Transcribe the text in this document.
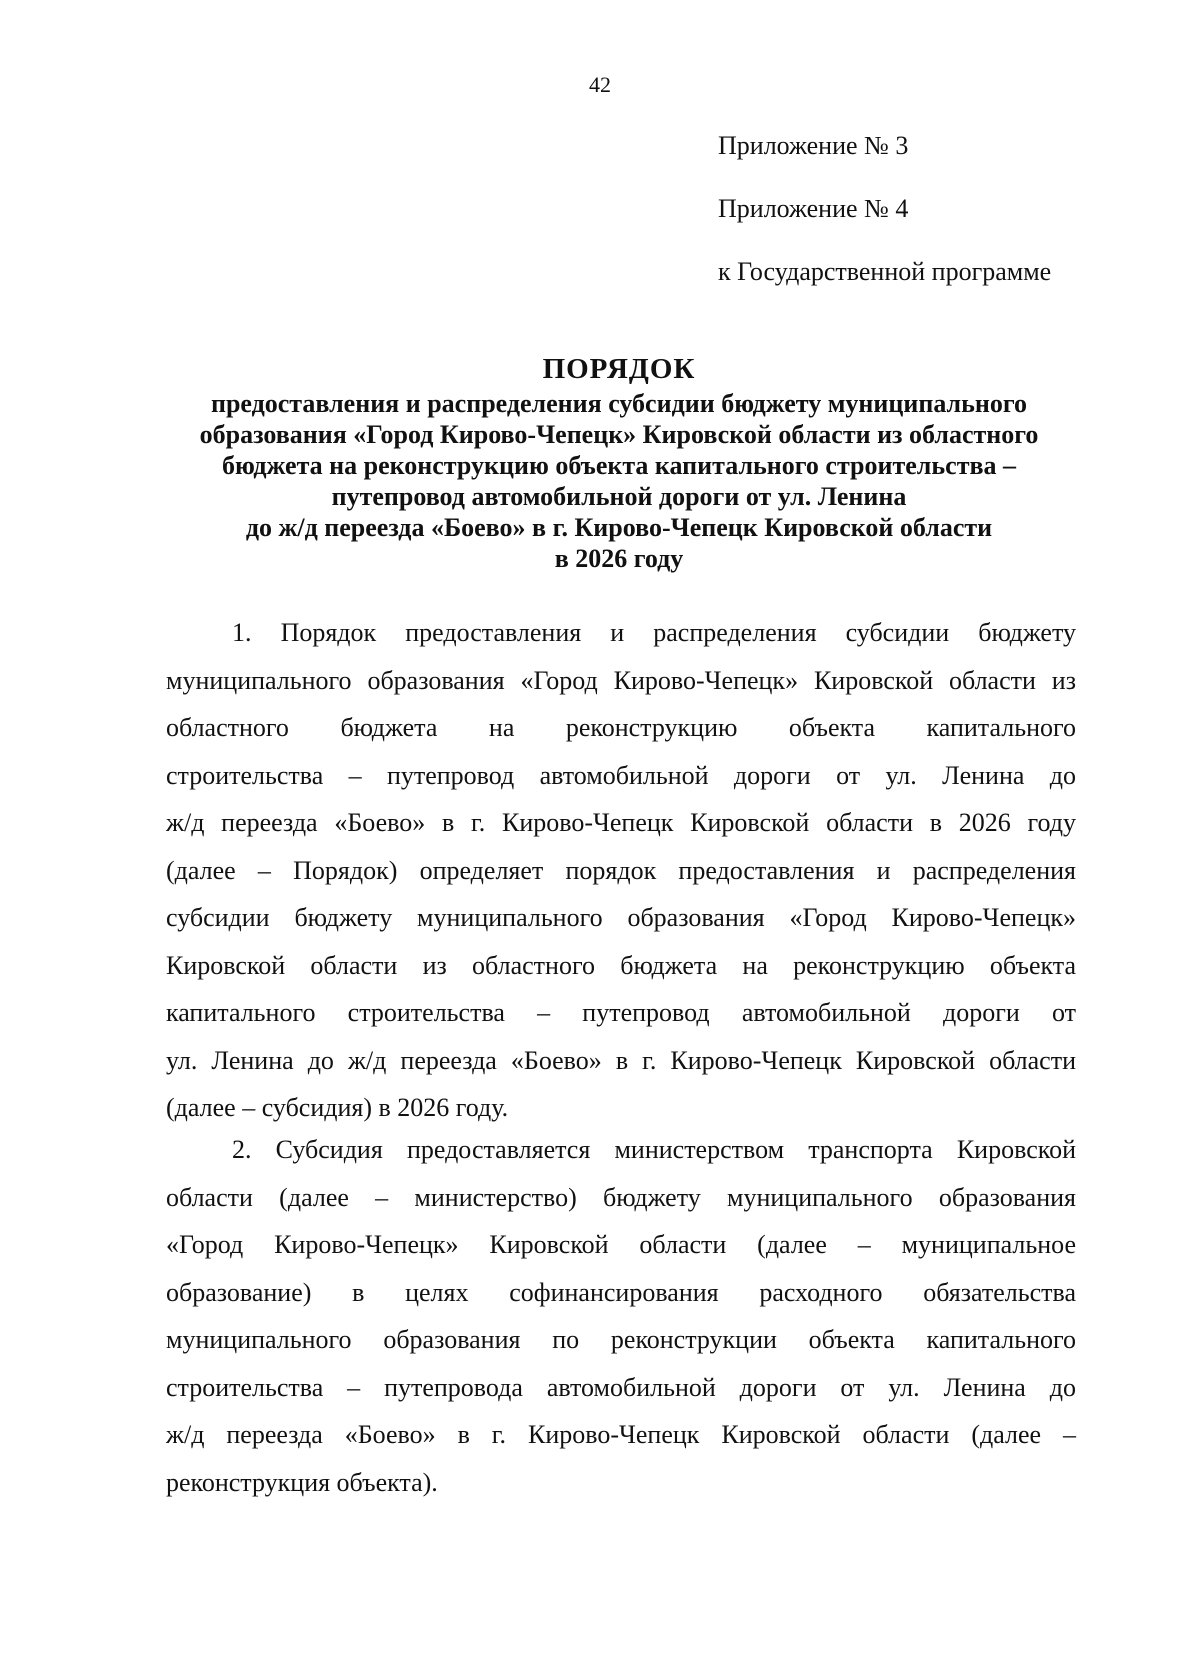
42
Приложение № 3
Приложение № 4
к Государственной программе
ПОРЯДОК
предоставления и распределения субсидии бюджету муниципального
образования «Город Кирово-Чепецк» Кировской области из областного
бюджета на реконструкцию объекта капитального строительства –
путепровод автомобильной дороги от ул. Ленина
до ж/д переезда «Боево» в г. Кирово-Чепецк Кировской области
в 2026 году
1. Порядок предоставления и распределения субсидии бюджету
муниципального образования «Город Кирово-Чепецк» Кировской области из
областного бюджета на реконструкцию объекта капитального
строительства – путепровод автомобильной дороги от ул. Ленина до
ж/д переезда «Боево» в г. Кирово-Чепецк Кировской области в 2026 году
(далее – Порядок) определяет порядок предоставления и распределения
субсидии бюджету муниципального образования «Город Кирово-Чепецк»
Кировской области из областного бюджета на реконструкцию объекта
капитального строительства – путепровод автомобильной дороги от
ул. Ленина до ж/д переезда «Боево» в г. Кирово-Чепецк Кировской области
(далее – субсидия) в 2026 году.
2. Субсидия предоставляется министерством транспорта Кировской
области (далее – министерство) бюджету муниципального образования
«Город Кирово-Чепецк» Кировской области (далее – муниципальное
образование) в целях софинансирования расходного обязательства
муниципального образования по реконструкции объекта капитального
строительства – путепровода автомобильной дороги от ул. Ленина до
ж/д переезда «Боево» в г. Кирово-Чепецк Кировской области (далее –
реконструкция объекта).
